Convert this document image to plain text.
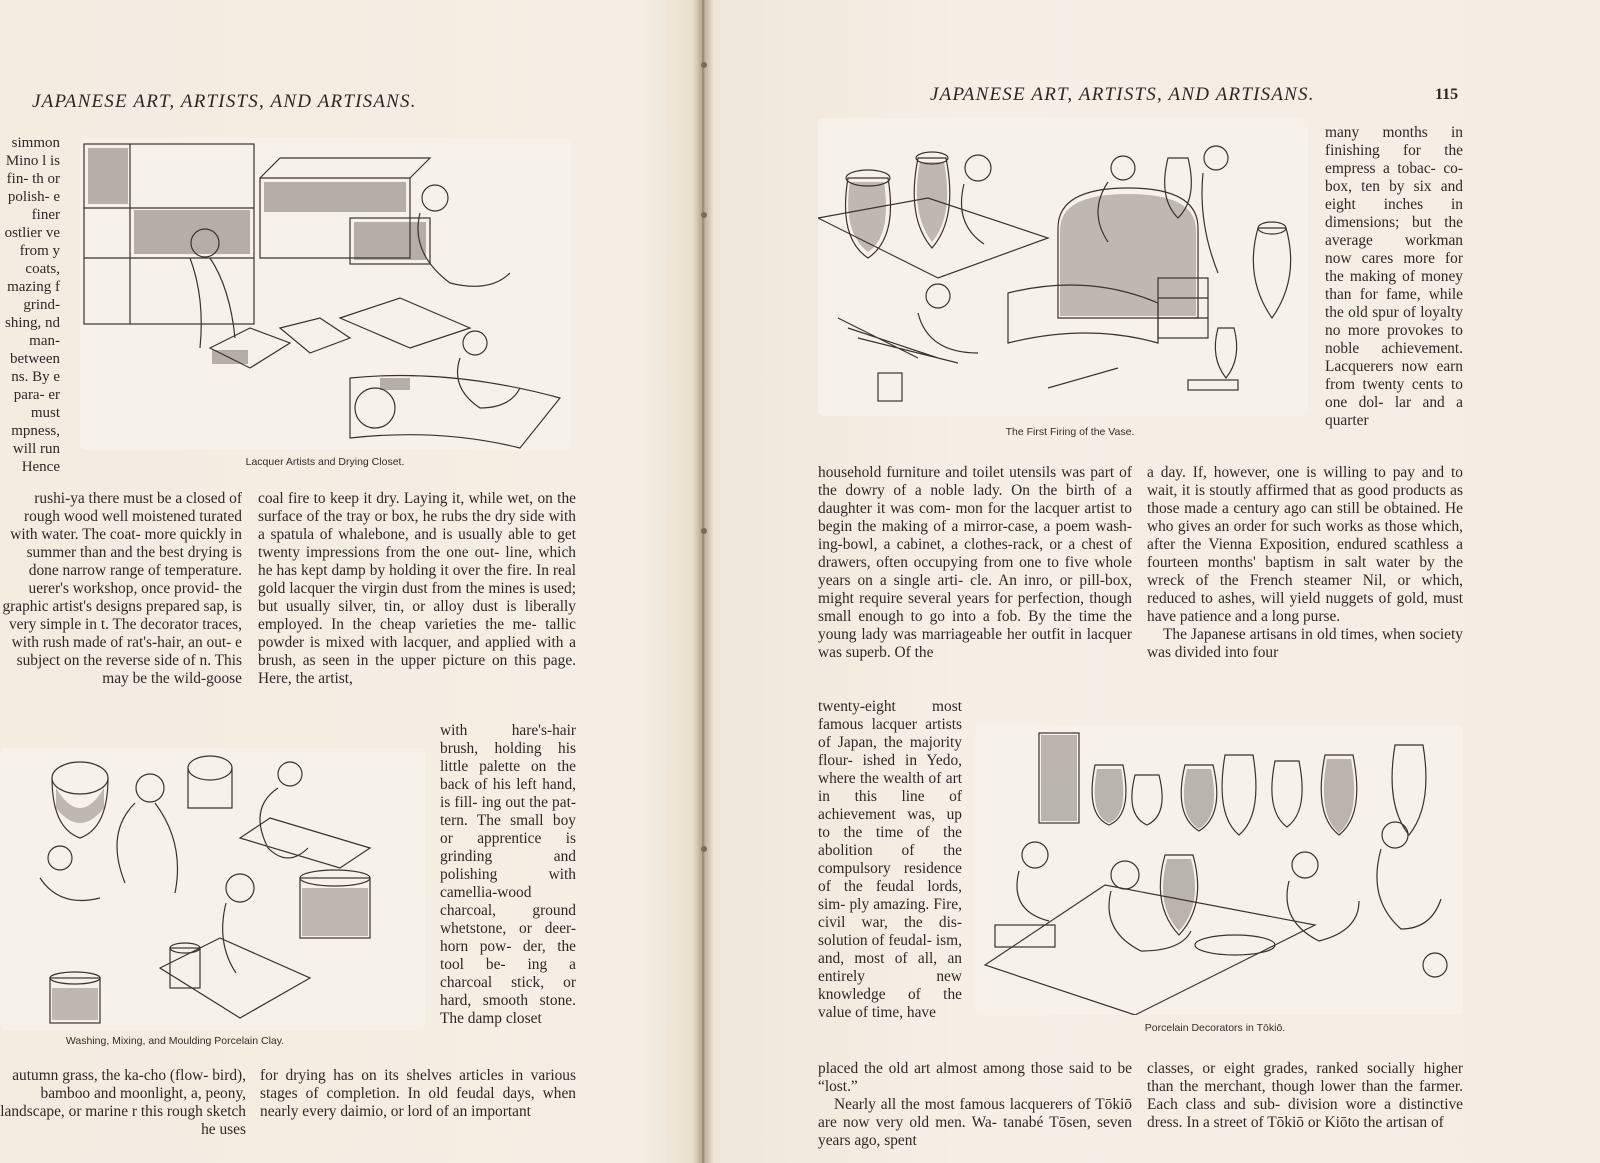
JAPANESE ART, ARTISTS, AND ARTISANS.
simmon Mino l is fin- th or polish- e finer ostlier ve from y coats, mazing f grind- shing, nd man- between ns. By e para- er must mpness, will run Hence	Lacquer Artists and Drying Closet.
rushi-ya there must be a closed of rough wood well moistened turated with water. The coat- more quickly in summer than and the best drying is done narrow range of temperature. uerer's workshop, once provid- the graphic artist's designs prepared sap, is very simple in t. The decorator traces, with rush made of rat's-hair, an out- e subject on the reverse side of n. This may be the wild-goose
coal fire to keep it dry. Laying it, while wet, on the surface of the tray or box, he rubs the dry side with a spatula of whalebone, and is usually able to get twenty impressions from the one out- line, which he has kept damp by holding it over the fire. In real gold lacquer the virgin dust from the mines is used; but usually silver, tin, or alloy dust is liberally employed. In the cheap varieties the me- tallic powder is mixed with lacquer, and applied with a brush, as seen in the upper picture on this page. Here, the artist,
Washing, Mixing, and Moulding Porcelain Clay.
with hare's-hair brush, holding his little palette on the back of his left hand, is fill- ing out the pat- tern. The small boy or apprentice is grinding and polishing with camellia-wood charcoal, ground whetstone, or deer-horn pow- der, the tool be- ing a charcoal stick, or hard, smooth stone. The damp closet
autumn grass, the ka-cho (flow- bird), bamboo and moonlight, a, peony, landscape, or marine r this rough sketch he uses
for drying has on its shelves articles in various stages of completion. In old feudal days, when nearly every daimio, or lord of an important
JAPANESE ART, ARTISTS, AND ARTISANS.	115
The First Firing of the Vase.
many months in finishing for the empress a tobac- co-box, ten by six and eight inches in dimensions; but the average workman now cares more for the making of money than for fame, while the old spur of loyalty no more provokes to noble achievement. Lacquerers now earn from twenty cents to one dol- lar and a quarter
household furniture and toilet utensils was part of the dowry of a noble lady. On the birth of a daughter it was com- mon for the lacquer artist to begin the making of a mirror-case, a poem wash- ing-bowl, a cabinet, a clothes-rack, or a chest of drawers, often occupying from one to five whole years on a single arti- cle. An inro, or pill-box, might require several years for perfection, though small enough to go into a fob. By the time the young lady was marriageable her outfit in lacquer was superb. Of the

a day. If, however, one is willing to pay and to wait, it is stoutly affirmed that as good products as those made a century ago can still be obtained. He who gives an order for such works as those which, after the Vienna Exposition, endured scathless a fourteen months' baptism in salt water by the wreck of the French steamer Nil, or which, reduced to ashes, will yield nuggets of gold, must have patience and a long purse.

The Japanese artisans in old times, when society was divided into four

twenty-eight most famous lacquer artists of Japan, the majority flour- ished in Yedo, where the wealth of art in this line of achievement was, up to the time of the abolition of the compulsory residence of the feudal lords, sim- ply amazing. Fire, civil war, the dis- solution of feudal- ism, and, most of all, an entirely new knowledge of the value of time, have
Porcelain Decorators in Tōkiō.

placed the old art almost among those said to be “lost.”

Nearly all the most famous lacquerers of Tōkiō are now very old men. Wa- tanabé Tōsen, seven years ago, spent

classes, or eight grades, ranked socially higher than the merchant, though lower than the farmer. Each class and sub- division wore a distinctive dress. In a street of Tōkiō or Kiōto the artisan of
